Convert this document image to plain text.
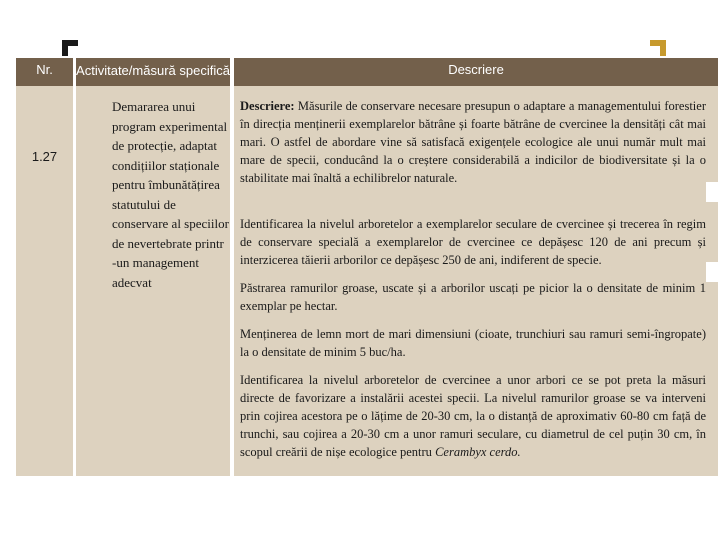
Nr.	Activitate/măsură specifică	Descriere
1.27
Demararea unui program experimental de protecție, adaptat condițiilor staționale pentru îmbunătățirea statutului de conservare al speciilor de nevertebrate printr -un management adecvat
Descriere: Măsurile de conservare necesare presupun o adaptare a managementului forestier în direcția menținerii exemplarelor bătrâne și foarte bătrâne de cvercinee la densități cât mai mari. O astfel de abordare vine să satisfacă exigențele ecologice ale unui număr mult mai mare de specii, conducând la o creștere considerabilă a indicilor de biodiversitate și la o stabilitate mai înaltă a echilibrelor naturale.
Identificarea la nivelul arboretelor a exemplarelor seculare de cvercinee și trecerea în regim de conservare specială a exemplarelor de cvercinee ce depășesc 120 de ani precum și interzicerea tăierii arborilor ce depășesc 250 de ani, indiferent de specie.
Păstrarea ramurilor groase, uscate și a arborilor uscați pe picior la o densitate de minim 1 exemplar pe hectar.
Menținerea de lemn mort de mari dimensiuni (cioate, trunchiuri sau ramuri semi-îngropate) la o densitate de minim 5 buc/ha.
Identificarea la nivelul arboretelor de cvercinee a unor arbori ce se pot preta la măsuri directe de favorizare a instalării acestei specii. La nivelul ramurilor groase se va interveni prin cojirea acestora pe o lățime de 20-30 cm, la o distanță de aproximativ 60-80 cm față de trunchi, sau cojirea a 20-30 cm a unor ramuri seculare, cu diametrul de cel puțin 30 cm, în scopul creării de nișe ecologice pentru Cerambyx cerdo.
